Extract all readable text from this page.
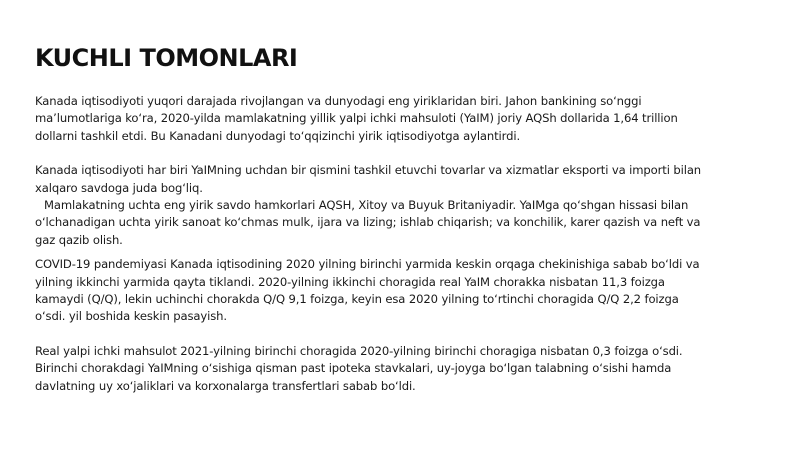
KUCHLI TOMONLARI

Kanada iqtisodiyoti yuqori darajada rivojlangan va dunyodagi eng yiriklaridan biri. Jahon bankining so‘nggi
ma’lumotlariga ko‘ra, 2020-yilda mamlakatning yillik yalpi ichki mahsuloti (YaIM) joriy AQSh dollarida 1,64 trillion
dollarni tashkil etdi. Bu Kanadani dunyodagi to‘qqizinchi yirik iqtisodiyotga aylantirdi.

Kanada iqtisodiyoti har biri YaIMning uchdan bir qismini tashkil etuvchi tovarlar va xizmatlar eksporti va importi bilan
xalqaro savdoga juda bog‘liq.

Mamlakatning uchta eng yirik savdo hamkorlari AQSH, Xitoy va Buyuk Britaniyadir. YaIMga qo‘shgan hissasi bilan
o‘lchanadigan uchta yirik sanoat ko‘chmas mulk, ijara va lizing; ishlab chiqarish; va konchilik, karer qazish va neft va
gaz qazib olish.

COVID-19 pandemiyasi Kanada iqtisodining 2020 yilning birinchi yarmida keskin orqaga chekinishiga sabab bo‘ldi va
yilning ikkinchi yarmida qayta tiklandi. 2020-yilning ikkinchi choragida real YaIM chorakka nisbatan 11,3 foizga
kamaydi (Q/Q), lekin uchinchi chorakda Q/Q 9,1 foizga, keyin esa 2020 yilning to‘rtinchi choragida Q/Q 2,2 foizga
o‘sdi. yil boshida keskin pasayish.

Real yalpi ichki mahsulot 2021-yilning birinchi choragida 2020-yilning birinchi choragiga nisbatan 0,3 foizga o‘sdi.
Birinchi chorakdagi YaIMning o‘sishiga qisman past ipoteka stavkalari, uy-joyga bo‘lgan talabning o‘sishi hamda
davlatning uy xo‘jaliklari va korxonalarga transfertlari sabab bo‘ldi.
